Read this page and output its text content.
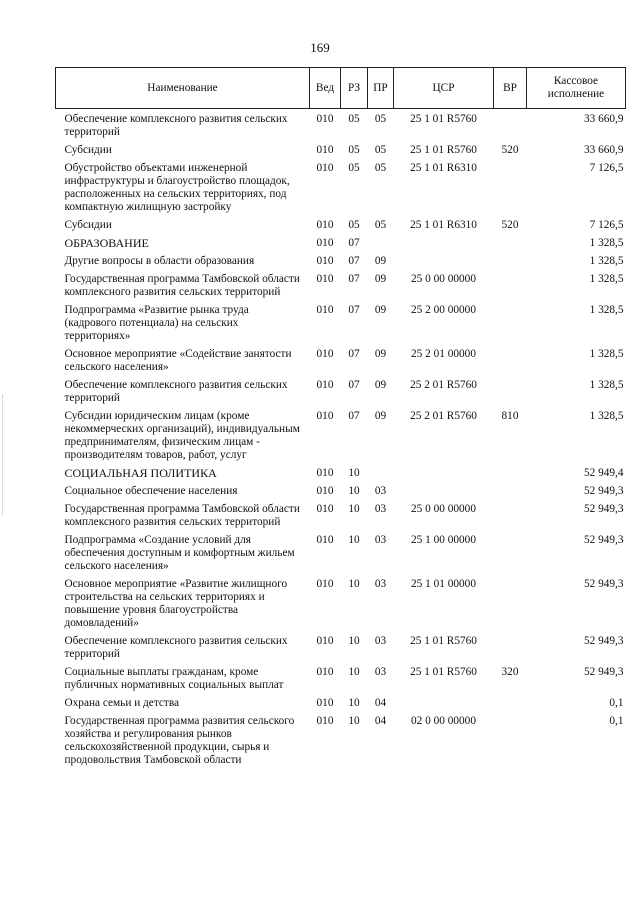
169
Наименование	Вед	РЗ	ПР	ЦСР	ВР	Кассовое исполнение
Обеспечение комплексного развития сельских территорий	010	05	05	25 1 01 R5760		33 660,9
Субсидии	010	05	05	25 1 01 R5760	520	33 660,9
Обустройство объектами инженерной инфраструктуры и благоустройство площадок, расположенных на сельских территориях, под компактную жилищную застройку	010	05	05	25 1 01 R6310		7 126,5
Субсидии	010	05	05	25 1 01 R6310	520	7 126,5
ОБРАЗОВАНИЕ	010	07				1 328,5
Другие вопросы в области образования	010	07	09			1 328,5
Государственная программа Тамбовской области комплексного развития сельских территорий	010	07	09	25 0 00 00000		1 328,5
Подпрограмма «Развитие рынка труда (кадрового потенциала) на сельских территориях»	010	07	09	25 2 00 00000		1 328,5
Основное мероприятие «Содействие занятости сельского населения»	010	07	09	25 2 01 00000		1 328,5
Обеспечение комплексного развития сельских территорий	010	07	09	25 2 01 R5760		1 328,5
Субсидии юридическим лицам (кроме некоммерческих организаций), индивидуальным предпринимателям, физическим лицам - производителям товаров, работ, услуг	010	07	09	25 2 01 R5760	810	1 328,5
СОЦИАЛЬНАЯ ПОЛИТИКА	010	10				52 949,4
Социальное обеспечение населения	010	10	03			52 949,3
Государственная программа Тамбовской области комплексного развития сельских территорий	010	10	03	25 0 00 00000		52 949,3
Подпрограмма «Создание условий для обеспечения доступным и комфортным жильем сельского населения»	010	10	03	25 1 00 00000		52 949,3
Основное мероприятие «Развитие жилищного строительства на сельских территориях и повышение уровня благоустройства домовладений»	010	10	03	25 1 01 00000		52 949,3
Обеспечение комплексного развития сельских территорий	010	10	03	25 1 01 R5760		52 949,3
Социальные выплаты гражданам, кроме публичных нормативных социальных выплат	010	10	03	25 1 01 R5760	320	52 949,3
Охрана семьи и детства	010	10	04			0,1
Государственная программа развития сельского хозяйства и регулирования рынков сельскохозяйственной продукции, сырья и продовольствия Тамбовской области	010	10	04	02 0 00 00000		0,1
